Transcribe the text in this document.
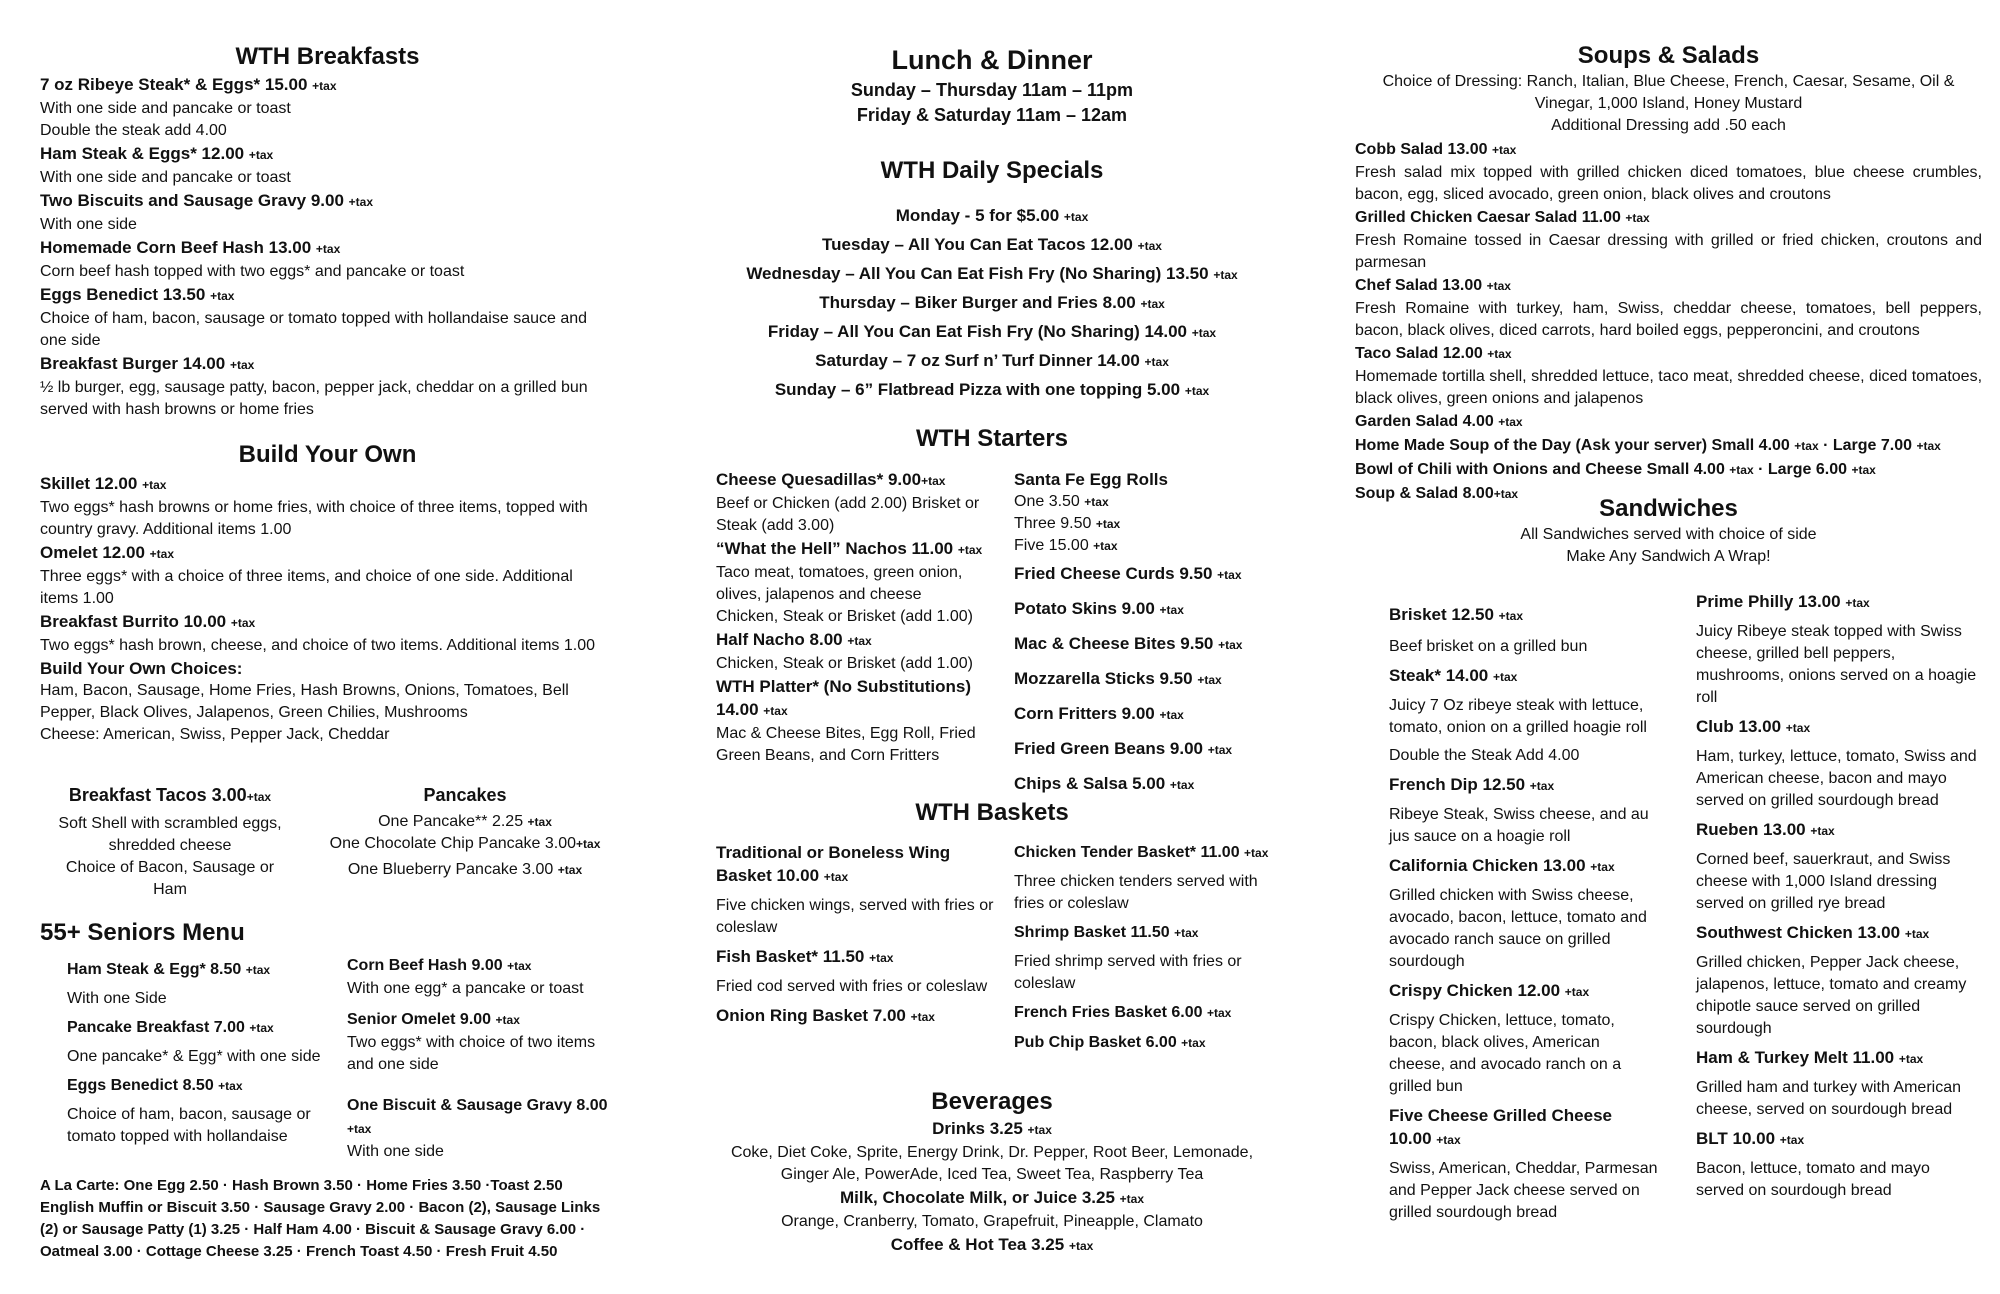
WTH Breakfasts

7 oz Ribeye Steak* & Eggs* 15.00 +tax

With one side and pancake or toast

Double the steak add 4.00

Ham Steak & Eggs* 12.00 +tax

With one side and pancake or toast

Two Biscuits and Sausage Gravy 9.00 +tax

With one side

Homemade Corn Beef Hash 13.00 +tax

Corn beef hash topped with two eggs* and pancake or toast

Eggs Benedict 13.50 +tax

Choice of ham, bacon, sausage or tomato topped with hollandaise sauce and one side

Breakfast Burger 14.00 +tax

½ lb burger, egg, sausage patty, bacon, pepper jack, cheddar on a grilled bun served with hash browns or home fries

Build Your Own

Skillet 12.00 +tax

Two eggs* hash browns or home fries, with choice of three items, topped with country gravy. Additional items 1.00

Omelet 12.00 +tax

Three eggs* with a choice of three items, and choice of one side. Additional items 1.00

Breakfast Burrito 10.00 +tax

Two eggs* hash brown, cheese, and choice of two items. Additional items 1.00

Build Your Own Choices:

Ham, Bacon, Sausage, Home Fries, Hash Browns, Onions, Tomatoes, Bell Pepper, Black Olives, Jalapenos, Green Chilies, Mushrooms

Cheese: American, Swiss, Pepper Jack, Cheddar

Breakfast Tacos 3.00+tax

Soft Shell with scrambled eggs, shredded cheese

Choice of Bacon, Sausage or Ham

Pancakes

One Pancake** 2.25 +tax

One Chocolate Chip Pancake 3.00+tax

One Blueberry Pancake 3.00 +tax

55+ Seniors Menu

Ham Steak & Egg* 8.50 +tax

With one Side

Pancake Breakfast 7.00 +tax

One pancake* & Egg* with one side

Eggs Benedict 8.50 +tax

Choice of ham, bacon, sausage or tomato topped with hollandaise

Corn Beef Hash 9.00 +tax

With one egg* a pancake or toast

Senior Omelet 9.00 +tax

Two eggs* with choice of two items and one side

One Biscuit & Sausage Gravy 8.00 +tax

With one side

A La Carte: One Egg 2.50 · Hash Brown 3.50 · Home Fries 3.50 ·Toast 2.50 English Muffin or Biscuit 3.50 · Sausage Gravy 2.00 · Bacon (2), Sausage Links (2) or Sausage Patty (1) 3.25 · Half Ham 4.00 · Biscuit & Sausage Gravy 6.00 · Oatmeal 3.00 · Cottage Cheese 3.25 · French Toast 4.50 · Fresh Fruit 4.50

Lunch & Dinner

Sunday – Thursday 11am – 11pm

Friday & Saturday 11am – 12am

WTH Daily Specials

Monday - 5 for $5.00 +tax

Tuesday – All You Can Eat Tacos 12.00 +tax

Wednesday – All You Can Eat Fish Fry (No Sharing) 13.50 +tax

Thursday – Biker Burger and Fries 8.00 +tax

Friday – All You Can Eat Fish Fry (No Sharing) 14.00 +tax

Saturday – 7 oz Surf n’ Turf Dinner 14.00 +tax

Sunday – 6” Flatbread Pizza with one topping 5.00 +tax

WTH Starters

Cheese Quesadillas* 9.00+tax

Beef or Chicken (add 2.00) Brisket or Steak (add 3.00)

“What the Hell” Nachos 11.00 +tax

Taco meat, tomatoes, green onion, olives, jalapenos and cheese

Chicken, Steak or Brisket (add 1.00)

Half Nacho 8.00 +tax

Chicken, Steak or Brisket (add 1.00)

WTH Platter* (No Substitutions) 14.00 +tax

Mac & Cheese Bites, Egg Roll, Fried Green Beans, and Corn Fritters

Santa Fe Egg Rolls

One 3.50 +tax

Three 9.50 +tax

Five 15.00 +tax

Fried Cheese Curds 9.50 +tax

Potato Skins 9.00 +tax

Mac & Cheese Bites 9.50 +tax

Mozzarella Sticks 9.50 +tax

Corn Fritters 9.00 +tax

Fried Green Beans 9.00 +tax

Chips & Salsa 5.00 +tax

WTH Baskets

Traditional or Boneless Wing Basket 10.00 +tax

Five chicken wings, served with fries or coleslaw

Fish Basket* 11.50 +tax

Fried cod served with fries or coleslaw

Onion Ring Basket 7.00 +tax

Chicken Tender Basket* 11.00 +tax

Three chicken tenders served with fries or coleslaw

Shrimp Basket 11.50 +tax

Fried shrimp served with fries or coleslaw

French Fries Basket 6.00 +tax

Pub Chip Basket 6.00 +tax

Beverages

Drinks 3.25 +tax

Coke, Diet Coke, Sprite, Energy Drink, Dr. Pepper, Root Beer, Lemonade, Ginger Ale, PowerAde, Iced Tea, Sweet Tea, Raspberry Tea

Milk, Chocolate Milk, or Juice 3.25 +tax

Orange, Cranberry, Tomato, Grapefruit, Pineapple, Clamato

Coffee & Hot Tea 3.25 +tax

Soups & Salads

Choice of Dressing: Ranch, Italian, Blue Cheese, French, Caesar, Sesame, Oil & Vinegar, 1,000 Island, Honey Mustard

Additional Dressing add .50 each

Cobb Salad 13.00 +tax

Fresh salad mix topped with grilled chicken diced tomatoes, blue cheese crumbles, bacon, egg, sliced avocado, green onion, black olives and croutons

Grilled Chicken Caesar Salad 11.00 +tax

Fresh Romaine tossed in Caesar dressing with grilled or fried chicken, croutons and parmesan

Chef Salad 13.00 +tax

Fresh Romaine with turkey, ham, Swiss, cheddar cheese, tomatoes, bell peppers, bacon, black olives, diced carrots, hard boiled eggs, pepperoncini, and croutons

Taco Salad 12.00 +tax

Homemade tortilla shell, shredded lettuce, taco meat, shredded cheese, diced tomatoes, black olives, green onions and jalapenos

Garden Salad 4.00 +tax

Home Made Soup of the Day (Ask your server) Small 4.00 +tax · Large 7.00 +tax

Bowl of Chili with Onions and Cheese Small 4.00 +tax · Large 6.00 +tax

Soup & Salad 8.00+tax

Sandwiches

All Sandwiches served with choice of side

Make Any Sandwich A Wrap!

Brisket 12.50 +tax

Beef brisket on a grilled bun

Steak* 14.00 +tax

Juicy 7 Oz ribeye steak with lettuce, tomato, onion on a grilled hoagie roll

Double the Steak Add 4.00

French Dip 12.50 +tax

Ribeye Steak, Swiss cheese, and au jus sauce on a hoagie roll

California Chicken 13.00 +tax

Grilled chicken with Swiss cheese, avocado, bacon, lettuce, tomato and avocado ranch sauce on grilled sourdough

Crispy Chicken 12.00 +tax

Crispy Chicken, lettuce, tomato, bacon, black olives, American cheese, and avocado ranch on a grilled bun

Five Cheese Grilled Cheese 10.00 +tax

Swiss, American, Cheddar, Parmesan and Pepper Jack cheese served on grilled sourdough bread

Prime Philly 13.00 +tax

Juicy Ribeye steak topped with Swiss cheese, grilled bell peppers, mushrooms, onions served on a hoagie roll

Club 13.00 +tax

Ham, turkey, lettuce, tomato, Swiss and American cheese, bacon and mayo served on grilled sourdough bread

Rueben 13.00 +tax

Corned beef, sauerkraut, and Swiss cheese with 1,000 Island dressing served on grilled rye bread

Southwest Chicken 13.00 +tax

Grilled chicken, Pepper Jack cheese, jalapenos, lettuce, tomato and creamy chipotle sauce served on grilled sourdough

Ham & Turkey Melt 11.00 +tax

Grilled ham and turkey with American cheese, served on sourdough bread

BLT 10.00 +tax

Bacon, lettuce, tomato and mayo served on sourdough bread
